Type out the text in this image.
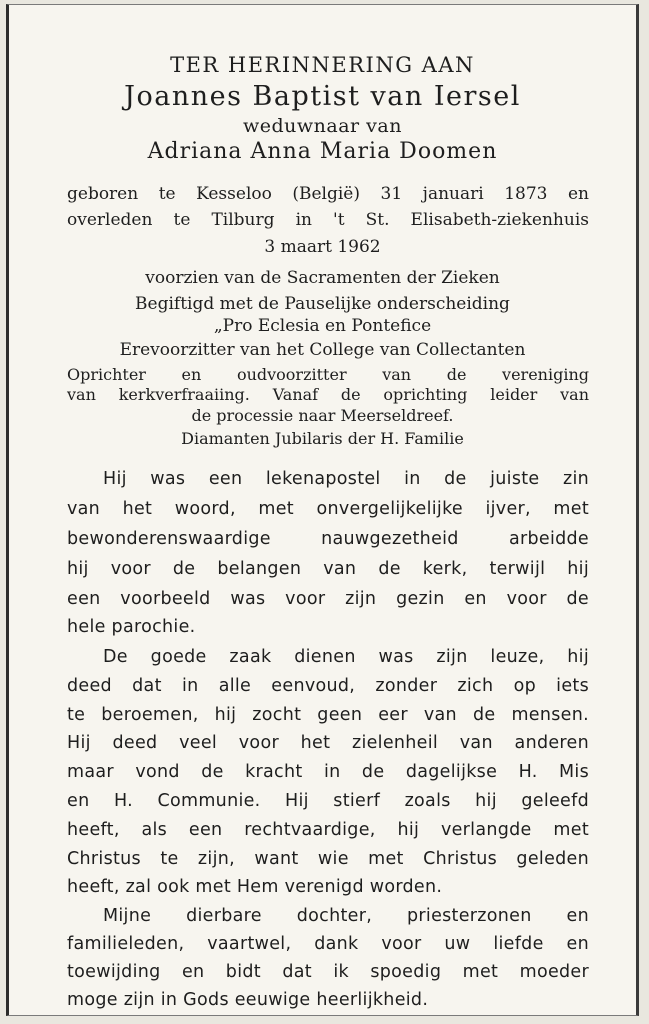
TER HERINNERING AAN
Joannes Baptist van Iersel
weduwnaar van
Adriana Anna Maria Doomen
geboren te Kesseloo (België) 31 januari 1873 en
overleden te Tilburg in 't St. Elisabeth-ziekenhuis
3 maart 1962
voorzien van de Sacramenten der Zieken
Begiftigd met de Pauselijke onderscheiding
„Pro Eclesia en Pontefice
Erevoorzitter van het College van Collectanten
Oprichter en oudvoorzitter van de vereniging
van kerkverfraaiing. Vanaf de oprichting leider van
de processie naar Meerseldreef.
Diamanten Jubilaris der H. Familie
Hij was een lekenapostel in de juiste zin
van het woord, met onvergelijkelijke ijver, met
bewonderenswaardige nauwgezetheid arbeidde
hij voor de belangen van de kerk, terwijl hij
een voorbeeld was voor zijn gezin en voor de
hele parochie.
De goede zaak dienen was zijn leuze, hij
deed dat in alle eenvoud, zonder zich op iets
te beroemen, hij zocht geen eer van de mensen.
Hij deed veel voor het zielenheil van anderen
maar vond de kracht in de dagelijkse H. Mis
en H. Communie. Hij stierf zoals hij geleefd
heeft, als een rechtvaardige, hij verlangde met
Christus te zijn, want wie met Christus geleden
heeft, zal ook met Hem verenigd worden.
Mijne dierbare dochter, priesterzonen en
familieleden, vaartwel, dank voor uw liefde en
toewijding en bidt dat ik spoedig met moeder
moge zijn in Gods eeuwige heerlijkheid.
